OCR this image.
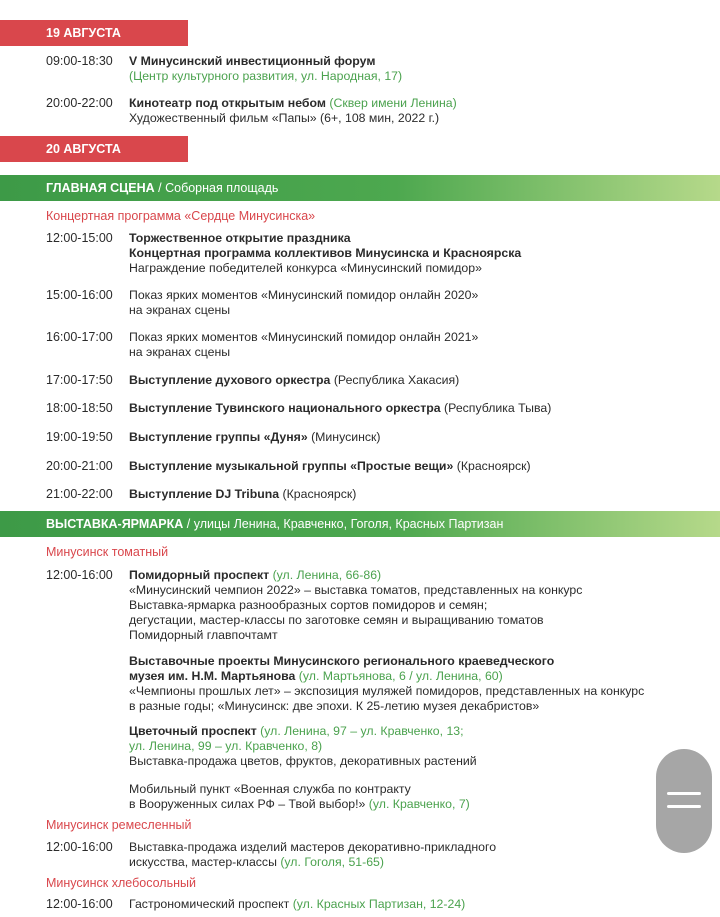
19 АВГУСТА
09:00-18:30 V Минусинский инвестиционный форум
(Центр культурного развития, ул. Народная, 17)
20:00-22:00 Кинотеатр под открытым небом (Сквер имени Ленина)
Художественный фильм «Папы» (6+, 108 мин, 2022 г.)
20 АВГУСТА
ГЛАВНАЯ СЦЕНА / Соборная площадь
Концертная программа «Сердце Минусинска»
12:00-15:00 Торжественное открытие праздника
Концертная программа коллективов Минусинска и Красноярска
Награждение победителей конкурса «Минусинский помидор»
15:00-16:00 Показ ярких моментов «Минусинский помидор онлайн 2020»
на экранах сцены
16:00-17:00 Показ ярких моментов «Минусинский помидор онлайн 2021»
на экранах сцены
17:00-17:50 Выступление духового оркестра (Республика Хакасия)
18:00-18:50 Выступление Тувинского национального оркестра (Республика Тыва)
19:00-19:50 Выступление группы «Дуня» (Минусинск)
20:00-21:00 Выступление музыкальной группы «Простые вещи» (Красноярск)
21:00-22:00 Выступление DJ Tribuna (Красноярск)
ВЫСТАВКА-ЯРМАРКА / улицы Ленина, Кравченко, Гоголя, Красных Партизан
Минусинск томатный
12:00-16:00 Помидорный проспект (ул. Ленина, 66-86)
«Минусинский чемпион 2022» – выставка томатов, представленных на конкурс
Выставка-ярмарка разнообразных сортов помидоров и семян;
дегустации, мастер-классы по заготовке семян и выращиванию томатов
Помидорный главпочтамт
Выставочные проекты Минусинского регионального краеведческого
музея им. Н.М. Мартьянова (ул. Мартьянова, 6 / ул. Ленина, 60)
«Чемпионы прошлых лет» – экспозиция муляжей помидоров, представленных на конкурс
в разные годы; «Минусинск: две эпохи. К 25-летию музея декабристов»
Цветочный проспект (ул. Ленина, 97 – ул. Кравченко, 13;
ул. Ленина, 99 – ул. Кравченко, 8)
Выставка-продажа цветов, фруктов, декоративных растений
Мобильный пункт «Военная служба по контракту
в Вооруженных силах РФ – Твой выбор!» (ул. Кравченко, 7)
Минусинск ремесленный
12:00-16:00 Выставка-продажа изделий мастеров декоративно-прикладного
искусства, мастер-классы (ул. Гоголя, 51-65)
Минусинск хлебосольный
12:00-16:00 Гастрономический проспект (ул. Красных Партизан, 12-24)
